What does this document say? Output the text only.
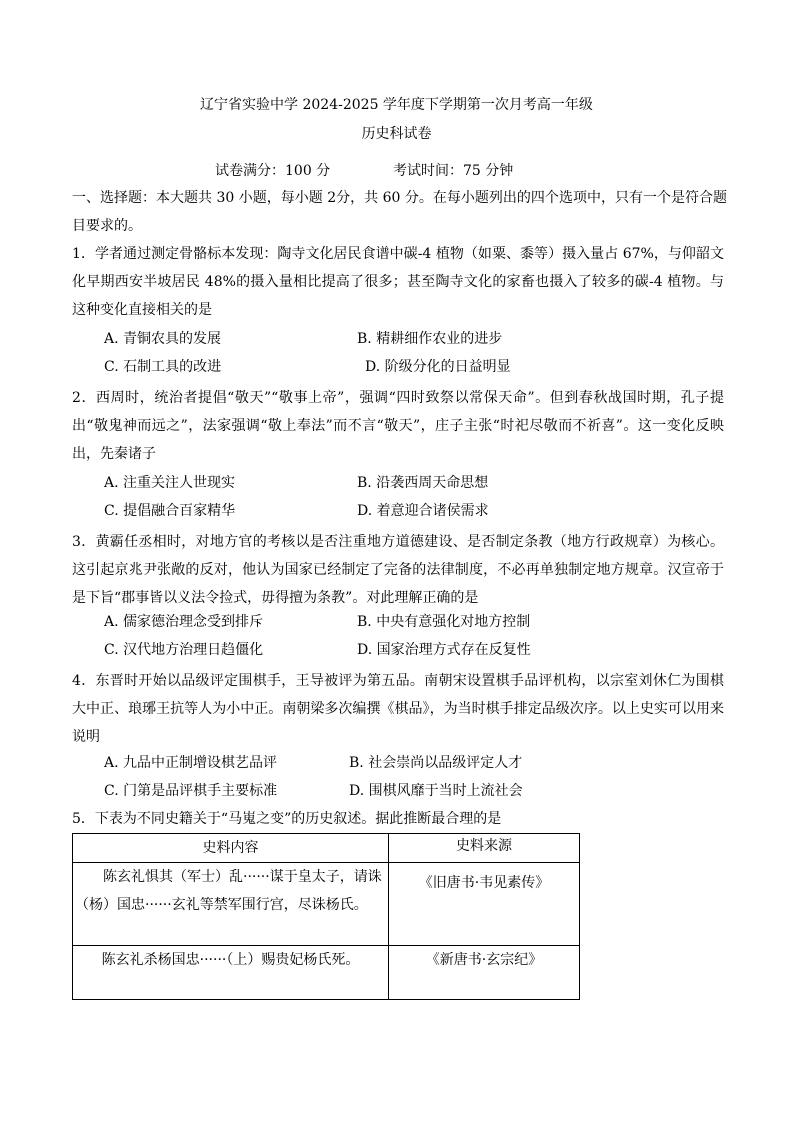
辽宁省实验中学 2024-2025 学年度下学期第一次月考高一年级
历史科试卷
试卷满分：100 分	考试时间：75 分钟

一、选择题：本大题共 30 小题，每小题 2分，共 60 分。在每小题列出的四个选项中，只有一个是符合题目要求的。

1．学者通过测定骨骼标本发现：陶寺文化居民食谱中碳-4 植物（如粟、黍等）摄入量占 67%，与仰韶文化早期西安半坡居民 48%的摄入量相比提高了很多；甚至陶寺文化的家畜也摄入了较多的碳-4 植物。与这种变化直接相关的是
A. 青铜农具的发展	B. 精耕细作农业的进步
C. 石制工具的改进	D. 阶级分化的日益明显
2．西周时，统治者提倡“敬天”“敬事上帝”，强调“四时致祭以常保天命”。但到春秋战国时期，孔子提出“敬鬼神而远之”，法家强调“敬上奉法”而不言“敬天”，庄子主张“时祀尽敬而不祈喜”。这一变化反映出，先秦诸子
A. 注重关注人世现实	B. 沿袭西周天命思想
C. 提倡融合百家精华	D. 着意迎合诸侯需求
3．黄霸任丞相时，对地方官的考核以是否注重地方道德建设、是否制定条教（地方行政规章）为核心。这引起京兆尹张敞的反对，他认为国家已经制定了完备的法律制度，不必再单独制定地方规章。汉宣帝于是下旨“郡事皆以义法令捡式，毋得擅为条教”。对此理解正确的是
A. 儒家德治理念受到排斥	B. 中央有意强化对地方控制
C. 汉代地方治理日趋僵化	D. 国家治理方式存在反复性
4．东晋时开始以品级评定围棋手，王导被评为第五品。南朝宋设置棋手品评机构，以宗室刘休仁为围棋大中正、琅琊王抗等人为小中正。南朝梁多次编撰《棋品》，为当时棋手排定品级次序。以上史实可以用来说明
A. 九品中正制增设棋艺品评	B. 社会崇尚以品级评定人才
C. 门第是品评棋手主要标准	D. 围棋风靡于当时上流社会
5．下表为不同史籍关于“马嵬之变”的历史叙述。据此推断最合理的是
史料内容	史料来源
陈玄礼惧其（军士）乱······谋于皇太子，请诛（杨）国忠······玄礼等禁军围行宫，尽诛杨氏。	《旧唐书·韦见素传》
陈玄礼杀杨国忠······（上）赐贵妃杨氏死。	《新唐书·玄宗纪》
